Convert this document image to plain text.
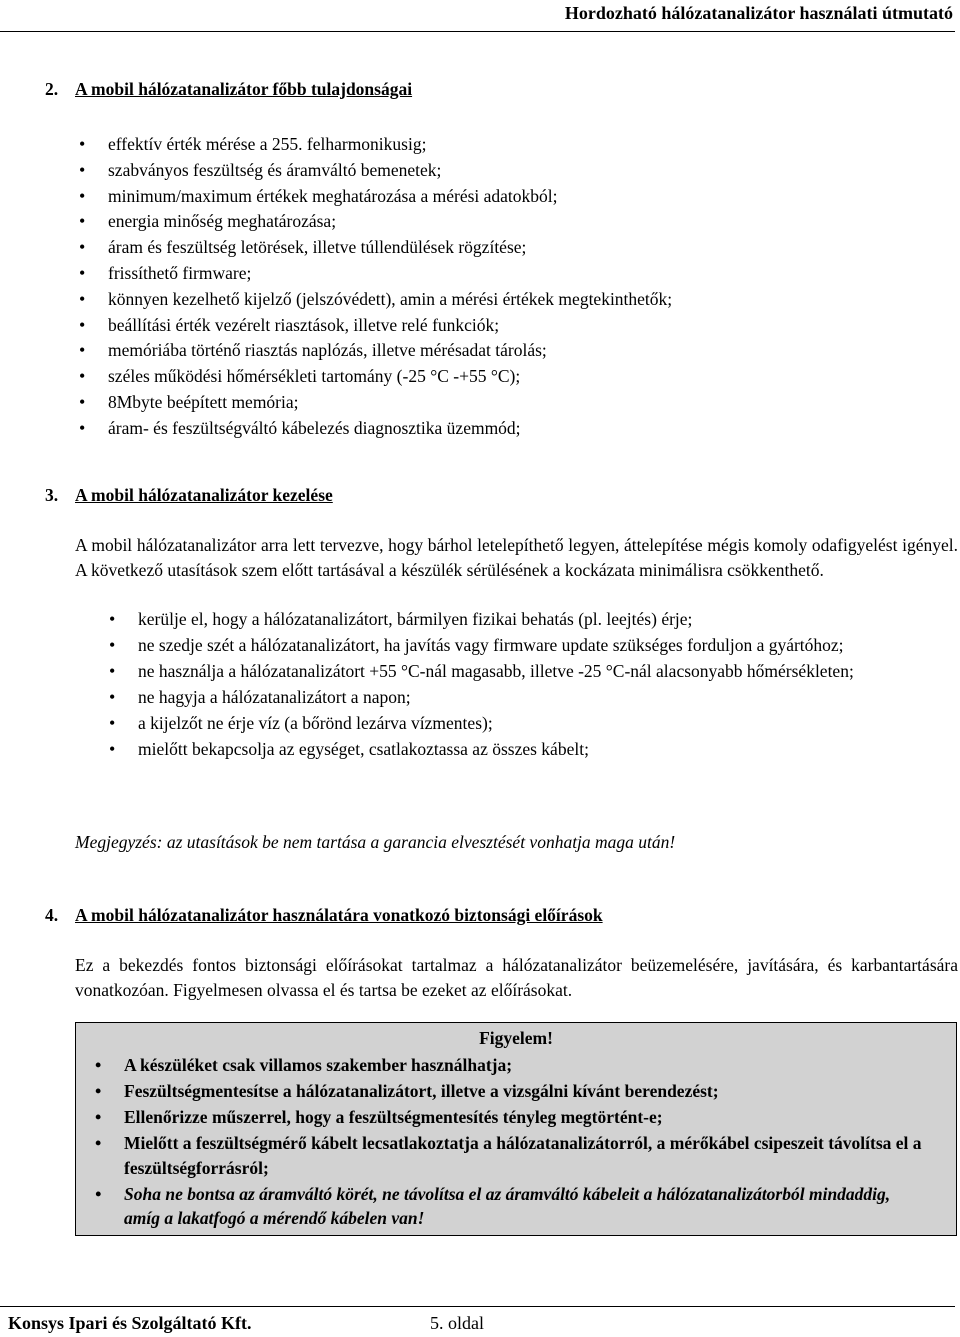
Hordozható hálózatanalizátor használati útmutató
2. A mobil hálózatanalizátor főbb tulajdonságai
• effektív érték mérése a 255. felharmonikusig;
• szabványos feszültség és áramváltó bemenetek;
• minimum/maximum értékek meghatározása a mérési adatokból;
• energia minőség meghatározása;
• áram és feszültség letörések, illetve túllendülések rögzítése;
• frissíthető firmware;
• könnyen kezelhető kijelző (jelszóvédett), amin a mérési értékek megtekinthetők;
• beállítási érték vezérelt riasztások, illetve relé funkciók;
• memóriába történő riasztás naplózás, illetve mérésadat tárolás;
• széles működési hőmérsékleti tartomány (-25 °C -+55 °C);
• 8Mbyte beépített memória;
• áram- és feszültségváltó kábelezés diagnosztika üzemmód;
3. A mobil hálózatanalizátor kezelése

A mobil hálózatanalizátor arra lett tervezve, hogy bárhol letelepíthető legyen, áttelepítése mégis komoly odafigyelést igényel. A következő utasítások szem előtt tartásával a készülék sérülésének a kockázata minimálisra csökkenthető.

• kerülje el, hogy a hálózatanalizátort, bármilyen fizikai behatás (pl. leejtés) érje;
• ne szedje szét a hálózatanalizátort, ha javítás vagy firmware update szükséges forduljon a gyártóhoz;
• ne használja a hálózatanalizátort +55 °C-nál magasabb, illetve -25 °C-nál alacsonyabb hőmérsékleten;
• ne hagyja a hálózatanalizátort a napon;
• a kijelzőt ne érje víz (a bőrönd lezárva vízmentes);
• mielőtt bekapcsolja az egységet, csatlakoztassa az összes kábelt;

Megjegyzés: az utasítások be nem tartása a garancia elvesztését vonhatja maga után!

4. A mobil hálózatanalizátor használatára vonatkozó biztonsági előírások

Ez a bekezdés fontos biztonsági előírásokat tartalmaz a hálózatanalizátor beüzemelésére, javítására, és karbantartására vonatkozóan. Figyelmesen olvassa el és tartsa be ezeket az előírásokat.

Figyelem!
• A készüléket csak villamos szakember használhatja;
• Feszültségmentesítse a hálózatanalizátort, illetve a vizsgálni kívánt berendezést;
• Ellenőrizze műszerrel, hogy a feszültségmentesítés tényleg megtörtént-e;
• Mielőtt a feszültségmérő kábelt lecsatlakoztatja a hálózatanalizátorról, a mérőkábel csipeszeit távolítsa el a feszültségforrásról;
• Soha ne bontsa az áramváltó körét, ne távolítsa el az áramváltó kábeleit a hálózatanalizátorból mindaddig, amíg a lakatfogó a mérendő kábelen van!
Konsys Ipari és Szolgáltató Kft.	5. oldal
